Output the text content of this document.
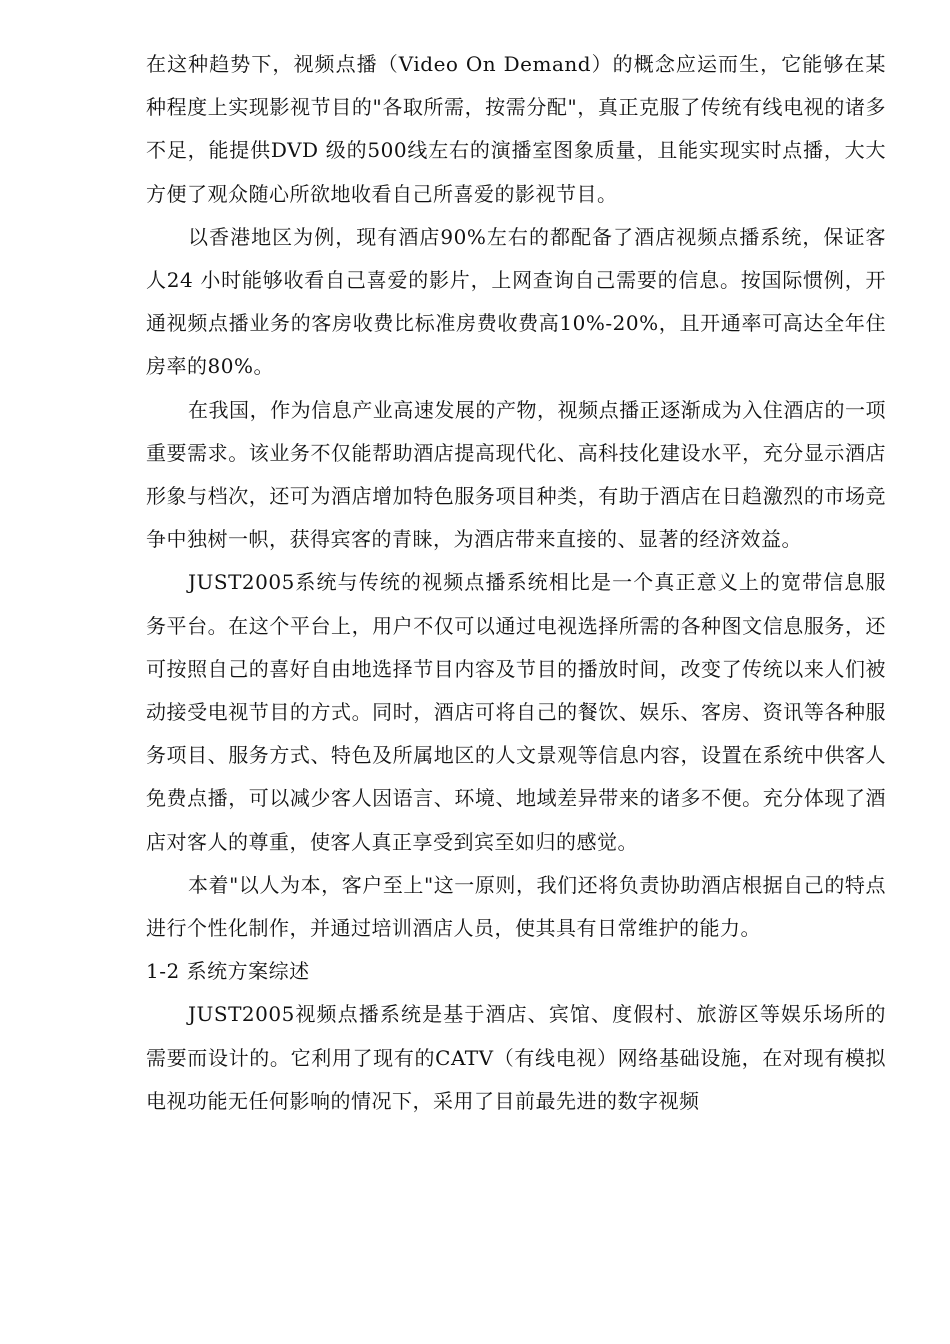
在这种趋势下，视频点播（Video On Demand）的概念应运而生，它能够在某种程度上实现影视节目的"各取所需，按需分配"，真正克服了传统有线电视的诸多不足，能提供DVD 级的500线左右的演播室图象质量，且能实现实时点播，大大方便了观众随心所欲地收看自己所喜爱的影视节目。

以香港地区为例，现有酒店90%左右的都配备了酒店视频点播系统，保证客人24 小时能够收看自己喜爱的影片，上网查询自己需要的信息。按国际惯例，开通视频点播业务的客房收费比标准房费收费高10%-20%，且开通率可高达全年住房率的80%。

在我国，作为信息产业高速发展的产物，视频点播正逐渐成为入住酒店的一项重要需求。该业务不仅能帮助酒店提高现代化、高科技化建设水平，充分显示酒店形象与档次，还可为酒店增加特色服务项目种类，有助于酒店在日趋激烈的市场竞争中独树一帜，获得宾客的青睐，为酒店带来直接的、显著的经济效益。

JUST2005系统与传统的视频点播系统相比是一个真正意义上的宽带信息服务平台。在这个平台上，用户不仅可以通过电视选择所需的各种图文信息服务，还可按照自己的喜好自由地选择节目内容及节目的播放时间，改变了传统以来人们被动接受电视节目的方式。同时，酒店可将自己的餐饮、娱乐、客房、资讯等各种服务项目、服务方式、特色及所属地区的人文景观等信息内容，设置在系统中供客人免费点播，可以减少客人因语言、环境、地域差异带来的诸多不便。充分体现了酒店对客人的尊重，使客人真正享受到宾至如归的感觉。

本着"以人为本，客户至上"这一原则，我们还将负责协助酒店根据自己的特点进行个性化制作，并通过培训酒店人员，使其具有日常维护的能力。

1-2 系统方案综述

JUST2005视频点播系统是基于酒店、宾馆、度假村、旅游区等娱乐场所的需要而设计的。它利用了现有的CATV（有线电视）网络基础设施，在对现有模拟电视功能无任何影响的情况下，采用了目前最先进的数字视频
